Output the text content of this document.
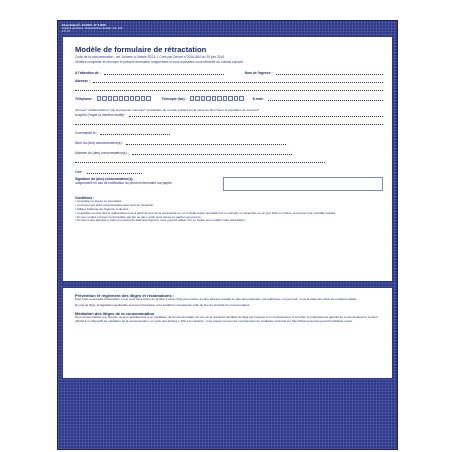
Elvea Nature® • Ed 2016 • N° 0-0000
Imprimé par Elvea • Reproduction interdite • Art. 122-4 C. PI
Modèle de formulaire de rétractation
Code de la consommation - art. Annexe à l'article R221-1 Créé par Décret n°2016-884 du 29 juin 2016
Veuillez compléter et renvoyer le présent formulaire uniquement si vous souhaitez vous rétracter du contrat suivant.
A l'attention de :	Nom de l'agence :
Adresse :
Téléphone :	Télécopie (fax) :	E-mail :
Je/nous* notifie/notifions* par la présente ma/notre* rétractation du contrat, portant sur la vente du bien*/pour la prestation de services*
ci-après (*rayer la mention inutile) :
Commandé le :
Nom du (des) consommateur(s) :
Adresse du (des) consommateur(s) :
Date :
Signature du (des) consommateur(s),
uniquement en cas de notification du présent formulaire sur papier.
Conditions :
• Compléter et signer ce formulaire.
• L'envoyer par lettre recommandée avec avis de réception.
• Utiliser l'adresse de l'agence ci-dessus.
• L'expédier au plus tard le quatorzième jour à partir du jour de la commande ou, si ce délai expire normalement un samedi, un dimanche ou un jour férié ou chômé, le premier jour ouvrable suivant.
• Si vous voulez envoyer ce formulaire par fax ou par e-mail, vous devez en garder une preuve.
• Si vous notez adresse e-mail ou numéro de télécopie figurent, vous pouvez utiliser l'un ou l'autre pour notifier votre rétractation.
Prévention et règlement des litiges et réclamations :
Pour toute éventuelle réclamation, nous vous remercions de la faire à votre choix par courrier à notre adresse postale en tête des présentes, par téléphone, ou par mail ; nous la traiterons dans les meilleurs délais.
En cas de litige, la législation applicable sera la loi française, et la juridiction compétente celle du lieu du domicile du consommateur.
Médiation des litiges de la consommation
Tout consommateur a le droit de recourir gratuitement à un médiateur de la consommation en vue de la résolution amiable du litige qui l'oppose à un professionnel. A cet effet, le professionnel garantit au consommateur le recours effectif à un dispositif de médiation de la consommation, en vertu des articles L.152-1 et suivants : vous pouvez trouver les coordonnées du médiateur sectoriel sur http://www.economie.gouv.fr/mediation-conso.
